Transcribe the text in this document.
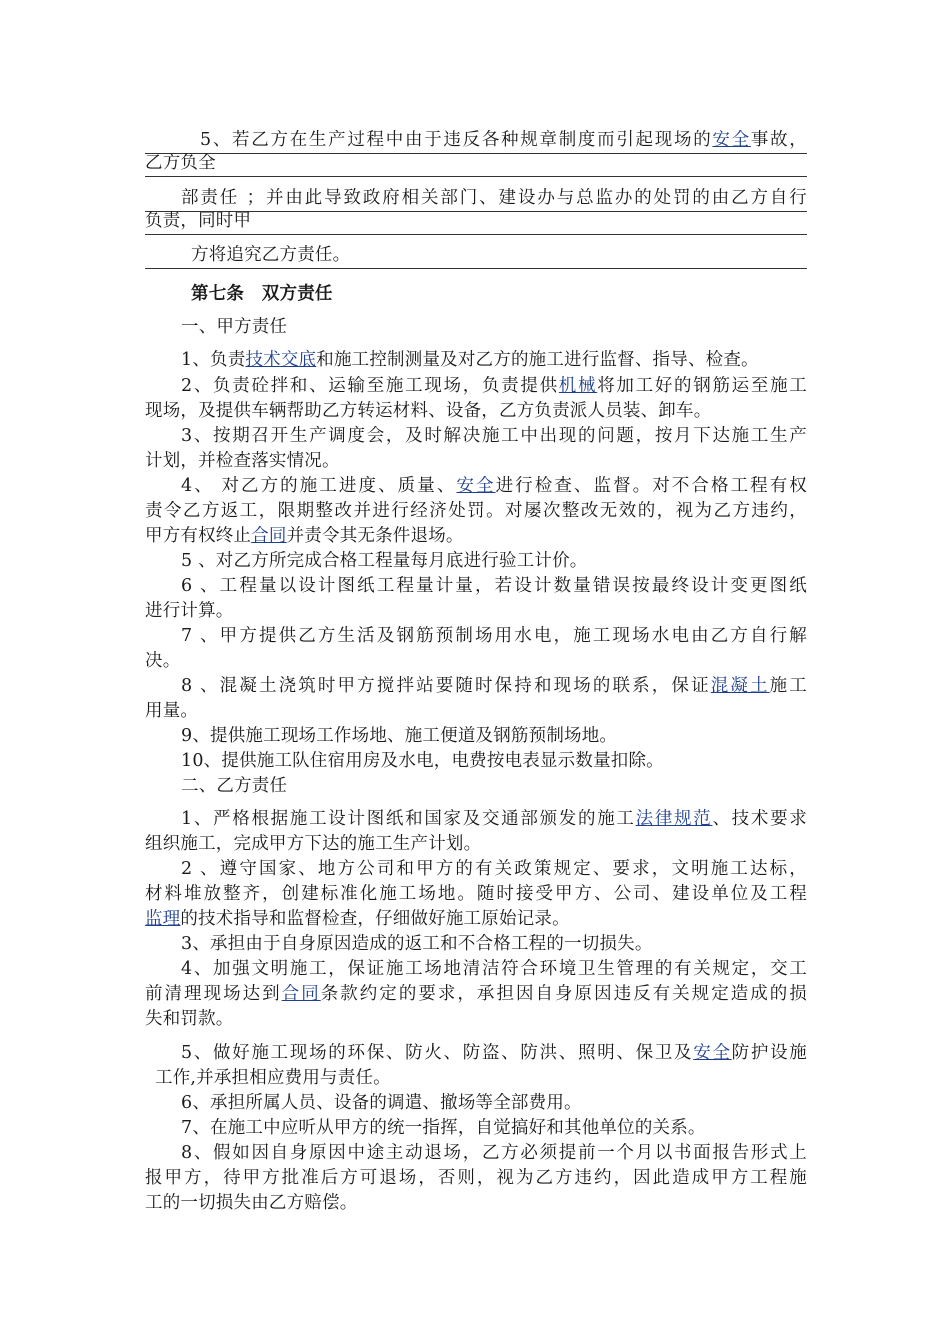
5、若乙方在生产过程中由于违反各种规章制度而引起现场的安全事故，
乙方负全
部责任 ；并由此导致政府相关部门、建设办与总监办的处罚的由乙方自行
负责，同时甲
方将追究乙方责任。
第七条　双方责任
一、甲方责任
1、负责技术交底和施工控制测量及对乙方的施工进行监督、指导、检查。
2、负责砼拌和、运输至施工现场，负责提供机械将加工好的钢筋运至施工
现场，及提供车辆帮助乙方转运材料、设备，乙方负责派人员装、卸车。
3、按期召开生产调度会，及时解决施工中出现的问题，按月下达施工生产
计划，并检查落实情况。
4、 对乙方的施工进度、质量、安全进行检查、监督。对不合格工程有权
责令乙方返工，限期整改并进行经济处罚。对屡次整改无效的，视为乙方违约，
甲方有权终止合同并责令其无条件退场。
5 、对乙方所完成合格工程量每月底进行验工计价。
6 、工程量以设计图纸工程量计量，若设计数量错误按最终设计变更图纸
进行计算。
7 、甲方提供乙方生活及钢筋预制场用水电，施工现场水电由乙方自行解
决。
8 、混凝土浇筑时甲方搅拌站要随时保持和现场的联系，保证混凝土施工
用量。
9、提供施工现场工作场地、施工便道及钢筋预制场地。
10、提供施工队住宿用房及水电，电费按电表显示数量扣除。
二、乙方责任
1、严格根据施工设计图纸和国家及交通部颁发的施工法律规范、技术要求
组织施工，完成甲方下达的施工生产计划。
2 、遵守国家、地方公司和甲方的有关政策规定、要求，文明施工达标，
材料堆放整齐，创建标准化施工场地。随时接受甲方、公司、建设单位及工程
监理的技术指导和监督检查，仔细做好施工原始记录。
3、承担由于自身原因造成的返工和不合格工程的一切损失。
4、加强文明施工，保证施工场地清洁符合环境卫生管理的有关规定，交工
前清理现场达到合同条款约定的要求，承担因自身原因违反有关规定造成的损
失和罚款。
5、做好施工现场的环保、防火、防盗、防洪、照明、保卫及安全防护设施
工作,并承担相应费用与责任。
6、承担所属人员、设备的调遣、撤场等全部费用。
7、在施工中应听从甲方的统一指挥，自觉搞好和其他单位的关系。
8、假如因自身原因中途主动退场，乙方必须提前一个月以书面报告形式上
报甲方，待甲方批准后方可退场，否则，视为乙方违约，因此造成甲方工程施
工的一切损失由乙方赔偿。
